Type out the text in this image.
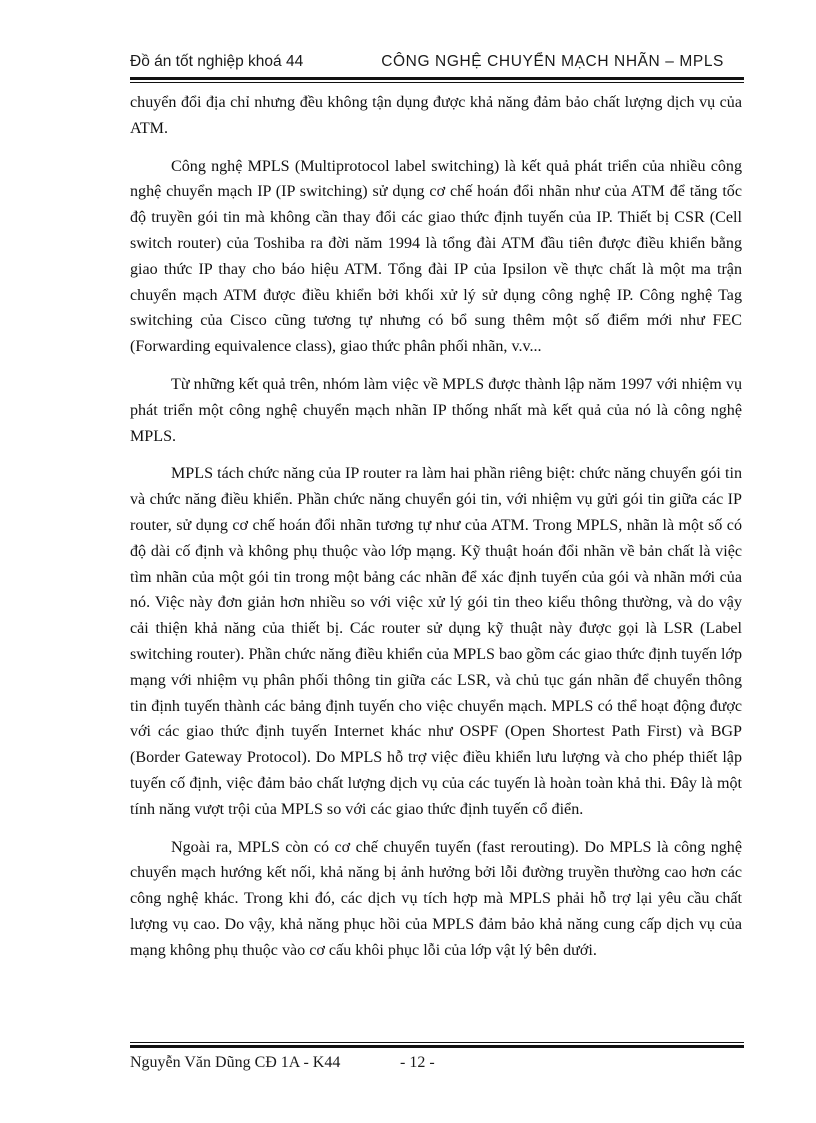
Đồ án tốt nghiệp khoá 44	CÔNG NGHỆ CHUYỂN MẠCH NHÃN – MPLS

chuyển đổi địa chỉ nhưng đều không tận dụng được khả năng đảm bảo chất lượng dịch vụ của ATM.

Công nghệ MPLS (Multiprotocol label switching) là kết quả phát triển của nhiều công nghệ chuyển mạch IP (IP switching) sử dụng cơ chế hoán đổi nhãn như của ATM để tăng tốc độ truyền gói tin mà không cần thay đổi các giao thức định tuyến của IP. Thiết bị CSR (Cell switch router) của Toshiba ra đời năm 1994 là tổng đài ATM đầu tiên được điều khiển bằng giao thức IP thay cho báo hiệu ATM. Tổng đài IP của Ipsilon về thực chất là một ma trận chuyển mạch ATM được điều khiển bởi khối xử lý sử dụng công nghệ IP. Công nghệ Tag switching của Cisco cũng tương tự nhưng có bổ sung thêm một số điểm mới như FEC (Forwarding equivalence class), giao thức phân phối nhãn, v.v...

Từ những kết quả trên, nhóm làm việc về MPLS được thành lập năm 1997 với nhiệm vụ phát triển một công nghệ chuyển mạch nhãn IP thống nhất mà kết quả của nó là công nghệ MPLS.

MPLS tách chức năng của IP router ra làm hai phần riêng biệt: chức năng chuyển gói tin và chức năng điều khiển. Phần chức năng chuyển gói tin, với nhiệm vụ gửi gói tin giữa các IP router, sử dụng cơ chế hoán đổi nhãn tương tự như của ATM. Trong MPLS, nhãn là một số có độ dài cố định và không phụ thuộc vào lớp mạng. Kỹ thuật hoán đổi nhãn về bản chất là việc tìm nhãn của một gói tin trong một bảng các nhãn để xác định tuyến của gói và nhãn mới của nó. Việc này đơn giản hơn nhiều so với việc xử lý gói tin theo kiểu thông thường, và do vậy cải thiện khả năng của thiết bị. Các router sử dụng kỹ thuật này được gọi là LSR (Label switching router). Phần chức năng điều khiển của MPLS bao gồm các giao thức định tuyến lớp mạng với nhiệm vụ phân phối thông tin giữa các LSR, và chủ tục gán nhãn để chuyển thông tin định tuyến thành các bảng định tuyến cho việc chuyển mạch. MPLS có thể hoạt động được với các giao thức định tuyến Internet khác như OSPF (Open Shortest Path First) và BGP (Border Gateway Protocol). Do MPLS hỗ trợ việc điều khiển lưu lượng và cho phép thiết lập tuyến cố định, việc đảm bảo chất lượng dịch vụ của các tuyến là hoàn toàn khả thi. Đây là một tính năng vượt trội của MPLS so với các giao thức định tuyến cổ điển.

Ngoài ra, MPLS còn có cơ chế chuyển tuyến (fast rerouting). Do MPLS là công nghệ chuyển mạch hướng kết nối, khả năng bị ảnh hưởng bởi lỗi đường truyền thường cao hơn các công nghệ khác. Trong khi đó, các dịch vụ tích hợp mà MPLS phải hỗ trợ lại yêu cầu chất lượng vụ cao. Do vậy, khả năng phục hồi của MPLS đảm bảo khả năng cung cấp dịch vụ của mạng không phụ thuộc vào cơ cấu khôi phục lỗi của lớp vật lý bên dưới.

Nguyễn Văn Dũng CĐ 1A - K44	- 12 -
